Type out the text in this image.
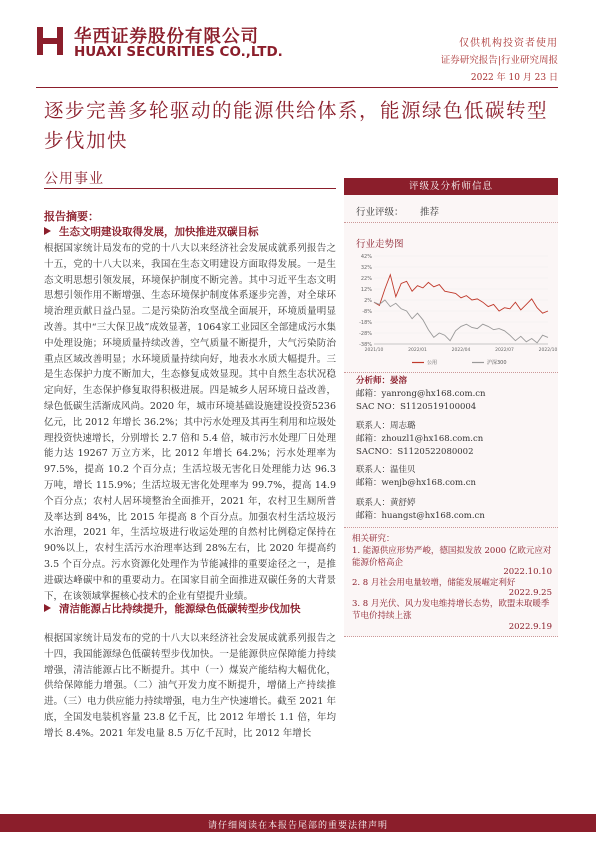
华西证券股份有限公司
HUAXI SECURITIES CO.,LTD.
仅供机构投资者使用
证券研究报告|行业研究周报
2022 年 10 月 23 日
逐步完善多轮驱动的能源供给体系，能源绿色低碳转型步伐加快
公用事业
报告摘要：
生态文明建设取得发展，加快推进双碳目标
根据国家统计局发布的党的十八大以来经济社会发展成就系列报告之十五，党的十八大以来，我国在生态文明建设方面取得发展。一是生态文明思想引领发展，环境保护制度不断完善。其中习近平生态文明思想引领作用不断增强、生态环境保护制度体系逐步完善，对全球环境治理贡献日益凸显。二是污染防治攻坚战全面展开，环境质量明显改善。其中“三大保卫战”成效显著，1064家工业园区全部建成污水集中处理设施；环境质量持续改善，空气质量不断提升，大气污染防治重点区域改善明显；水环境质量持续向好，地表水水质大幅提升。三是生态保护力度不断加大，生态修复成效显现。其中自然生态状况稳定向好，生态保护修复取得积极进展。四是城乡人居环境日益改善，绿色低碳生活渐成风尚。2020 年，城市环境基础设施建设投资5236亿元，比 2012 年增长 36.2%；其中污水处理及其再生利用和垃圾处理投资快速增长，分别增长 2.7 倍和 5.4 倍，城市污水处理厂日处理能力达 19267 万立方米，比 2012 年增长 64.2%；污水处理率为 97.5%，提高 10.2 个百分点；生活垃圾无害化日处理能力达 96.3 万吨，增长 115.9%；生活垃圾无害化处理率为 99.7%，提高 14.9 个百分点；农村人居环境整治全面推开，2021 年，农村卫生厕所普及率达到 84%，比 2015 年提高 8 个百分点。加强农村生活垃圾污水治理，2021 年，生活垃圾进行收运处理的自然村比例稳定保持在 90%以上，农村生活污水治理率达到 28%左右，比 2020 年提高约 3.5 个百分点。污水资源化处理作为节能减排的重要途径之一，是推进碳达峰碳中和的重要动力。在国家目前全面推进双碳任务的大背景下，在该领域掌握核心技术的企业有望提升业绩。
清洁能源占比持续提升，能源绿色低碳转型步伐加快
根据国家统计局发布的党的十八大以来经济社会发展成就系列报告之十四，我国能源绿色低碳转型步伐加快。一是能源供应保障能力持续增强，清洁能源占比不断提升。其中（一）煤炭产能结构大幅优化，供给保障能力增强。（二）油气开发力度不断提升，增储上产持续推进。（三）电力供应能力持续增强，电力生产快速增长。截至 2021 年底，全国发电装机容量 23.8 亿千瓦，比 2012 年增长 1.1 倍，年均增长 8.4%。2021 年发电量 8.5 万亿千瓦时，比 2012 年增长
评级及分析师信息
行业评级： 推荐
行业走势图
42%
32%
22%
12%
2%
-8%
-18%
-28%
-38%
2021/10	2022/01	2022/04	2022/07	2022/10
公用	沪深300
分析师：晏溶
邮箱：yanrong@hx168.com.cn
SAC NO：S1120519100004
联系人：周志璐
邮箱：zhouzl1@hx168.com.cn
SACNO：S1120522080002
联系人：温佳贝
邮箱：wenjb@hx168.com.cn
联系人：黄舒婷
邮箱：huangst@hx168.com.cn
相关研究：
1. 能源供应形势严峻，德国拟发放 2000 亿欧元应对能源价格高企
2022.10.10
2. 8 月社会用电量较增，储能发展崛定利好
2022.9.25
3. 8 月光伏、风力发电维持增长态势，欧盟未取暖季节电价持续上涨
2022.9.19
请仔细阅读在本报告尾部的重要法律声明
